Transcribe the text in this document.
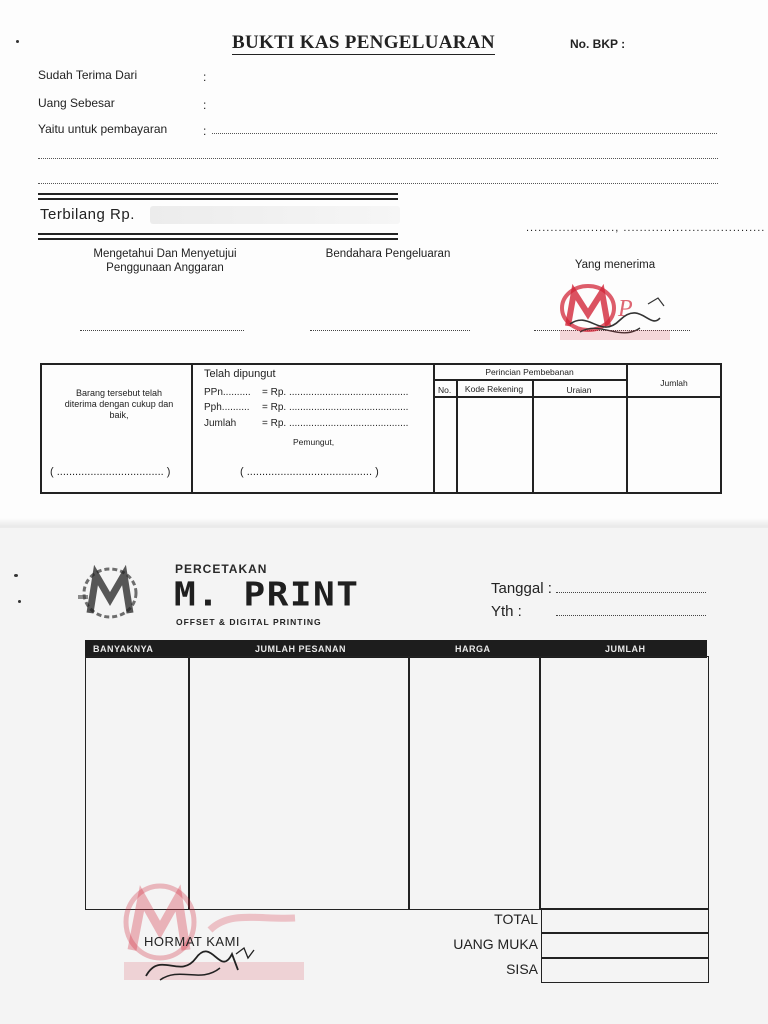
BUKTI KAS PENGELUARAN	No. BKP :
Sudah Terima Dari	:
Uang Sebesar	:
Yaitu untuk pembayaran	:
Terbilang Rp.
......................, ...................................
Mengetahui Dan Menyetujui
Penggunaan Anggaran
Bendahara Pengeluaran
Yang menerima
P
Barang tersebut telah
diterima dengan cukup dan baik,
( ................................... )
Telah dipungut
PPn.......... = Rp. ...........................................
Pph.......... = Rp. ...........................................
Jumlah	= Rp. ...........................................
Pemungut,
( ......................................... )
Perincian Pembebanan
No.	Kode Rekening	Uraian
Jumlah
PERCETAKAN
M. PRINT
OFFSET & DIGITAL PRINTING
Tanggal :
Yth :
BANYAKNYA	JUMLAH PESANAN	HARGA	JUMLAH
TOTAL
UANG MUKA
SISA
HORMAT KAMI
